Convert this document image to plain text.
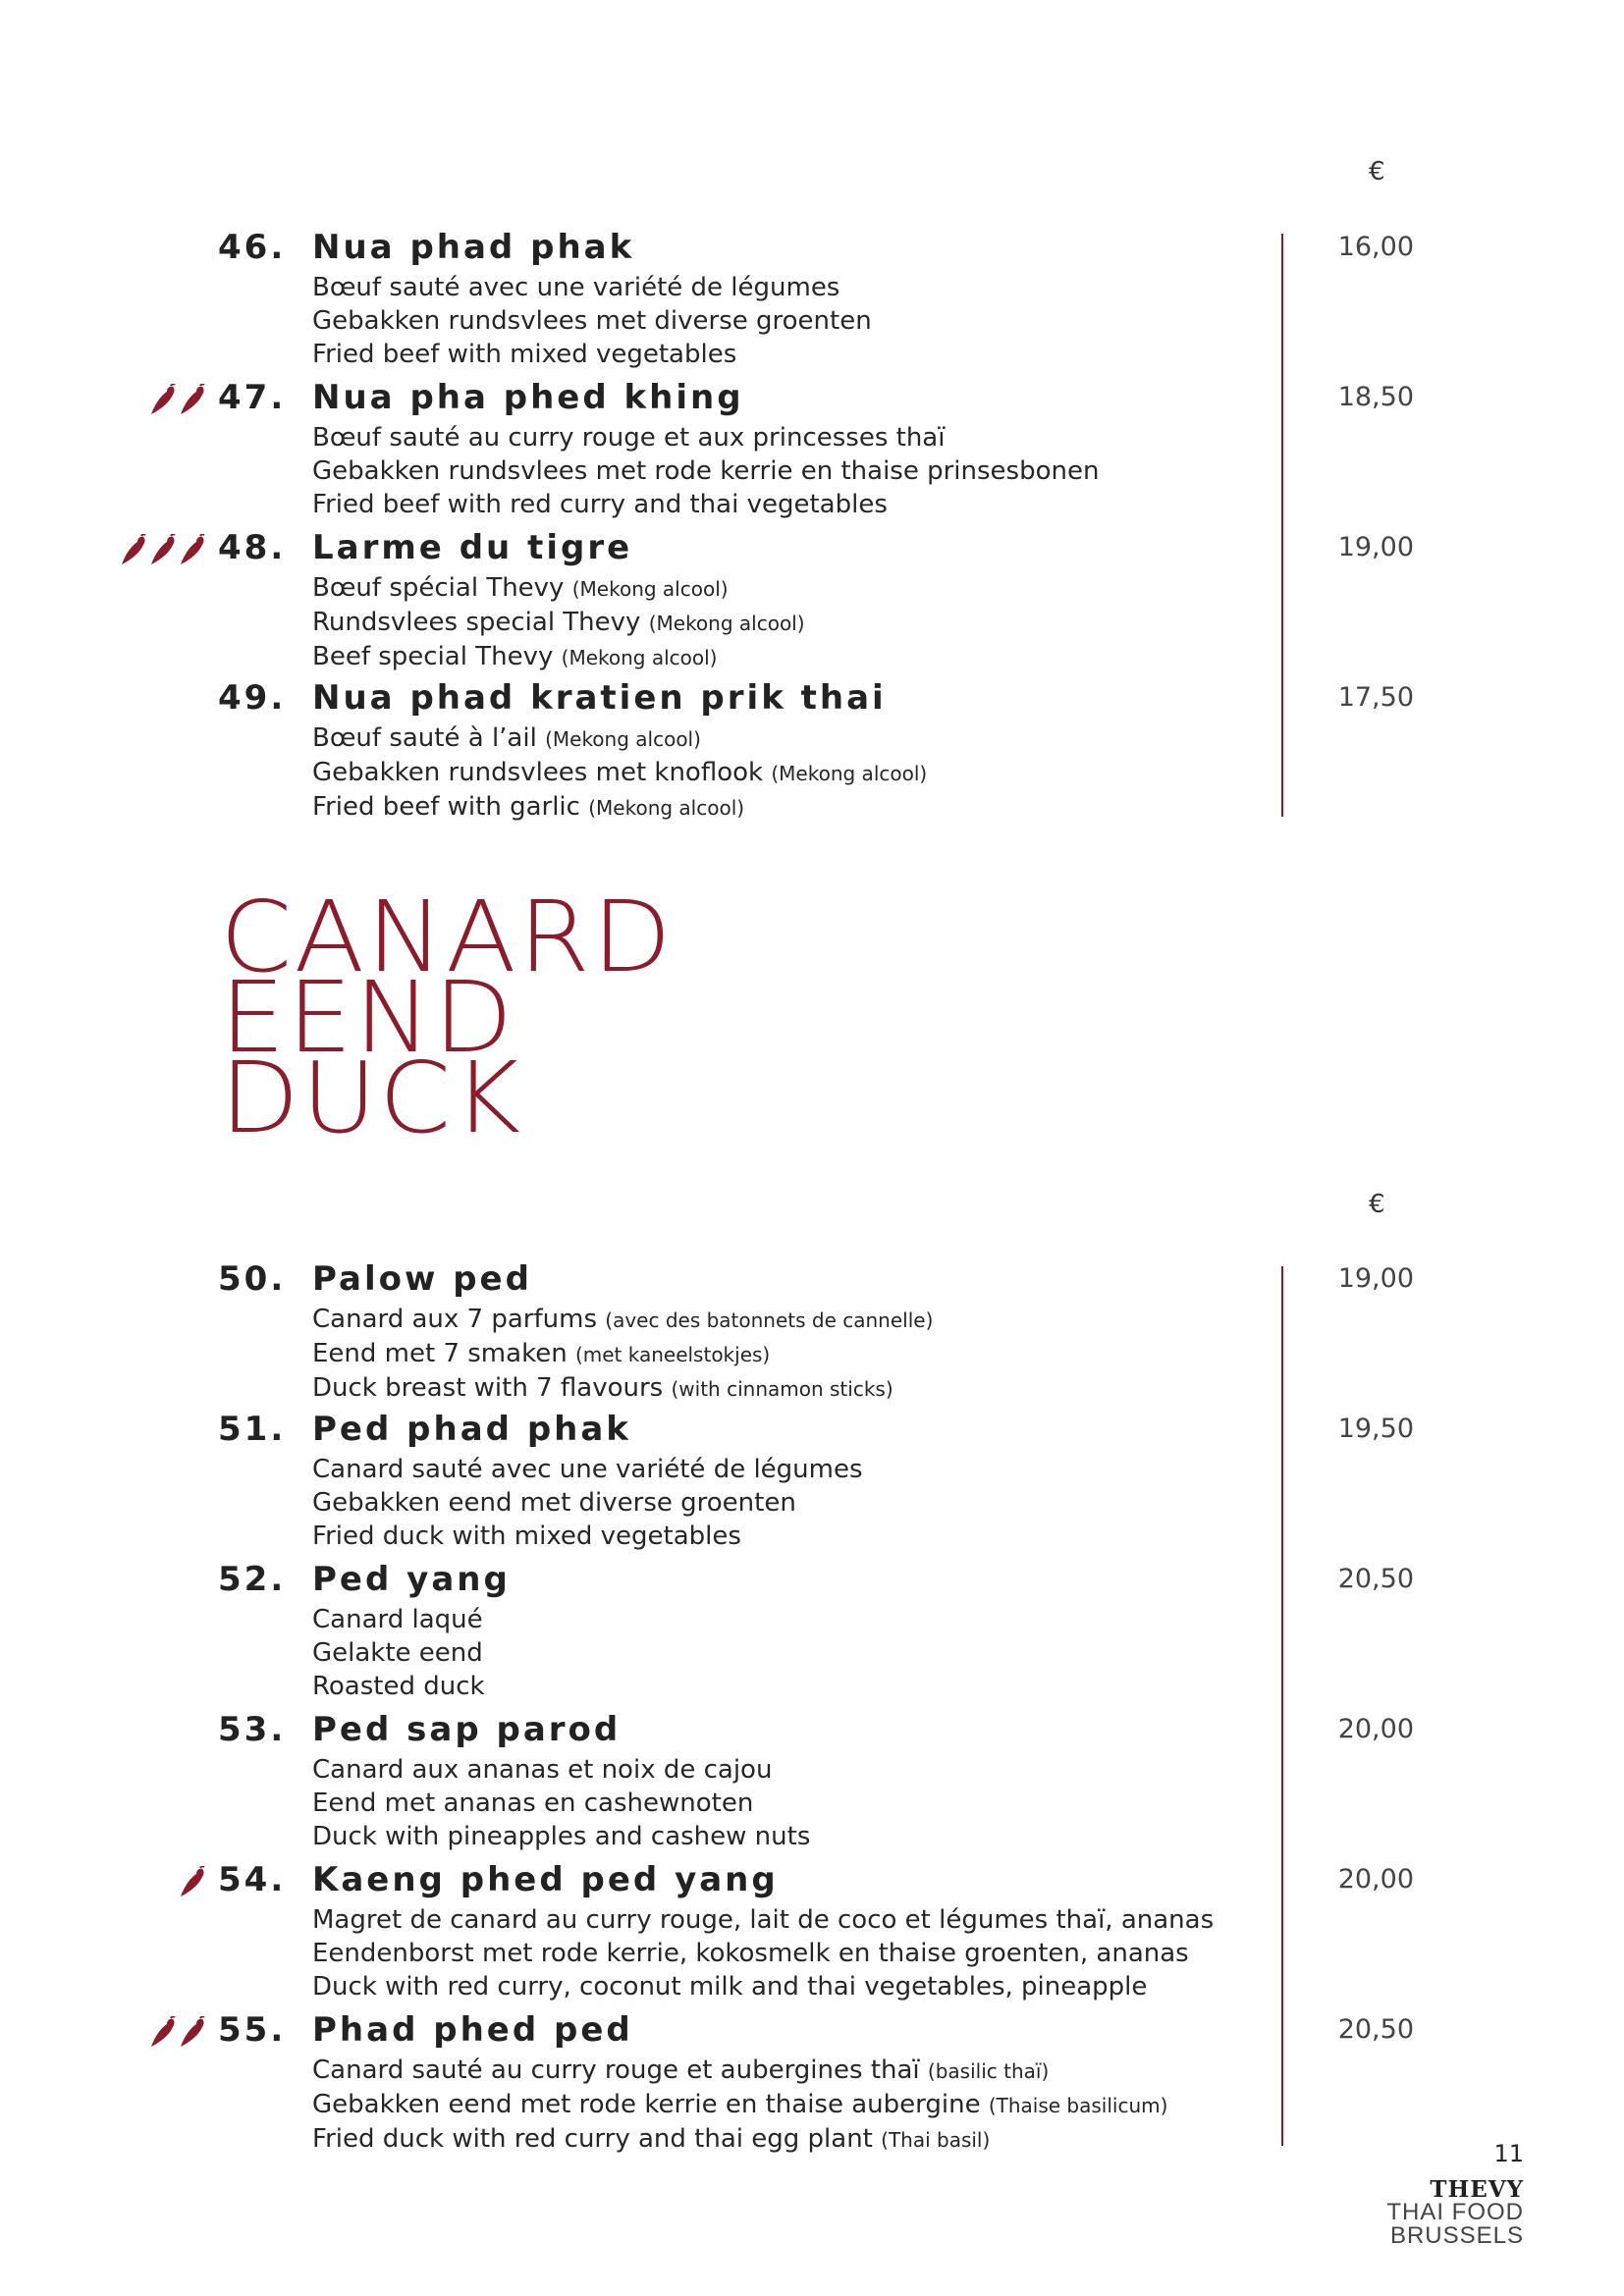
€
46. Nua phad phak	16,00
Bœuf sauté avec une variété de légumes
Gebakken rundsvlees met diverse groenten
Fried beef with mixed vegetables
47. Nua pha phed khing	18,50
Bœuf sauté au curry rouge et aux princesses thaï
Gebakken rundsvlees met rode kerrie en thaise prinsesbonen
Fried beef with red curry and thai vegetables
48. Larme du tigre	19,00
Bœuf spécial Thevy (Mekong alcool)
Rundsvlees special Thevy (Mekong alcool)
Beef special Thevy (Mekong alcool)
49. Nua phad kratien prik thai	17,50
Bœuf sauté à l’ail (Mekong alcool)
Gebakken rundsvlees met knoflook (Mekong alcool)
Fried beef with garlic (Mekong alcool)
CANARD
EEND
DUCK
€
50. Palow ped	19,00
Canard aux 7 parfums (avec des batonnets de cannelle)
Eend met 7 smaken (met kaneelstokjes)
Duck breast with 7 flavours (with cinnamon sticks)
51. Ped phad phak	19,50
Canard sauté avec une variété de légumes
Gebakken eend met diverse groenten
Fried duck with mixed vegetables
52. Ped yang	20,50
Canard laqué
Gelakte eend
Roasted duck
53. Ped sap parod	20,00
Canard aux ananas et noix de cajou
Eend met ananas en cashewnoten
Duck with pineapples and cashew nuts
54. Kaeng phed ped yang	20,00
Magret de canard au curry rouge, lait de coco et légumes thaï, ananas
Eendenborst met rode kerrie, kokosmelk en thaise groenten, ananas
Duck with red curry, coconut milk and thai vegetables, pineapple
55. Phad phed ped	20,50
Canard sauté au curry rouge et aubergines thaï (basilic thaï)
Gebakken eend met rode kerrie en thaise aubergine (Thaise basilicum)
Fried duck with red curry and thai egg plant (Thai basil)	11
THEVY
THAI FOOD
BRUSSELS
